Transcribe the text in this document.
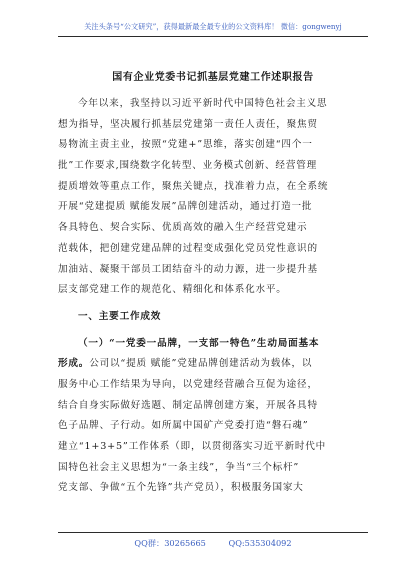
关注头条号“公文研究”，获得最新最全最专业的公文资料库！ 微信：gongwenyj
国有企业党委书记抓基层党建工作述职报告
今年以来，我坚持以习近平新时代中国特色社会主义思
想为指导，坚决履行抓基层党建第一责任人责任，聚焦贸
易物流主责主业，按照“党建+”思维，落实创建“四个一
批”工作要求,围绕数字化转型、业务模式创新、经营管理
提质增效等重点工作，聚焦关键点，找准着力点，在全系统
开展“党建提质 赋能发展”品牌创建活动，通过打造一批
各具特色、契合实际、优质高效的融入生产经营党建示
范载体，把创建党建品牌的过程变成强化党员党性意识的
加油站、凝聚干部员工团结奋斗的动力源，进一步提升基
层支部党建工作的规范化、精细化和体系化水平。
一、主要工作成效
（一）“一党委一品牌，一支部一特色”生动局面基本
形成。公司以“提质 赋能”党建品牌创建活动为载体，以
服务中心工作结果为导向，以党建经营融合互促为途径，
结合自身实际做好选题、制定品牌创建方案，开展各具特
色子品牌、子行动。如所属中国矿产党委打造“磐石魂”
建立“1+3+5”工作体系（即，以贯彻落实习近平新时代中
国特色社会主义思想为“一条主线”，争当“三个标杆”
党支部、争做“五个先锋”共产党员），积极服务国家大
QQ群：30265665	QQ:535304092
